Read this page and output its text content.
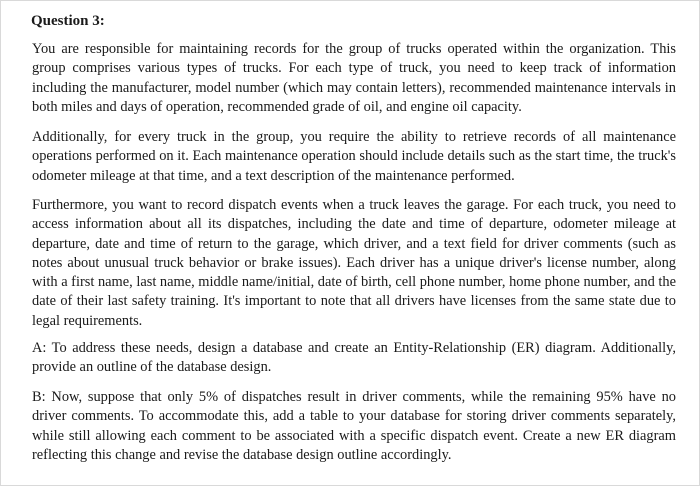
Question 3:

You are responsible for maintaining records for the group of trucks operated within the organization. This group comprises various types of trucks. For each type of truck, you need to keep track of information including the manufacturer, model number (which may contain letters), recommended maintenance intervals in both miles and days of operation, recommended grade of oil, and engine oil capacity.

Additionally, for every truck in the group, you require the ability to retrieve records of all maintenance operations performed on it. Each maintenance operation should include details such as the start time, the truck's odometer mileage at that time, and a text description of the maintenance performed.

Furthermore, you want to record dispatch events when a truck leaves the garage. For each truck, you need to access information about all its dispatches, including the date and time of departure, odometer mileage at departure, date and time of return to the garage, which driver, and a text field for driver comments (such as notes about unusual truck behavior or brake issues). Each driver has a unique driver's license number, along with a first name, last name, middle name/initial, date of birth, cell phone number, home phone number, and the date of their last safety training. It's important to note that all drivers have licenses from the same state due to legal requirements.

A: To address these needs, design a database and create an Entity-Relationship (ER) diagram. Additionally, provide an outline of the database design.

B: Now, suppose that only 5% of dispatches result in driver comments, while the remaining 95% have no driver comments. To accommodate this, add a table to your database for storing driver comments separately, while still allowing each comment to be associated with a specific dispatch event. Create a new ER diagram reflecting this change and revise the database design outline accordingly.
